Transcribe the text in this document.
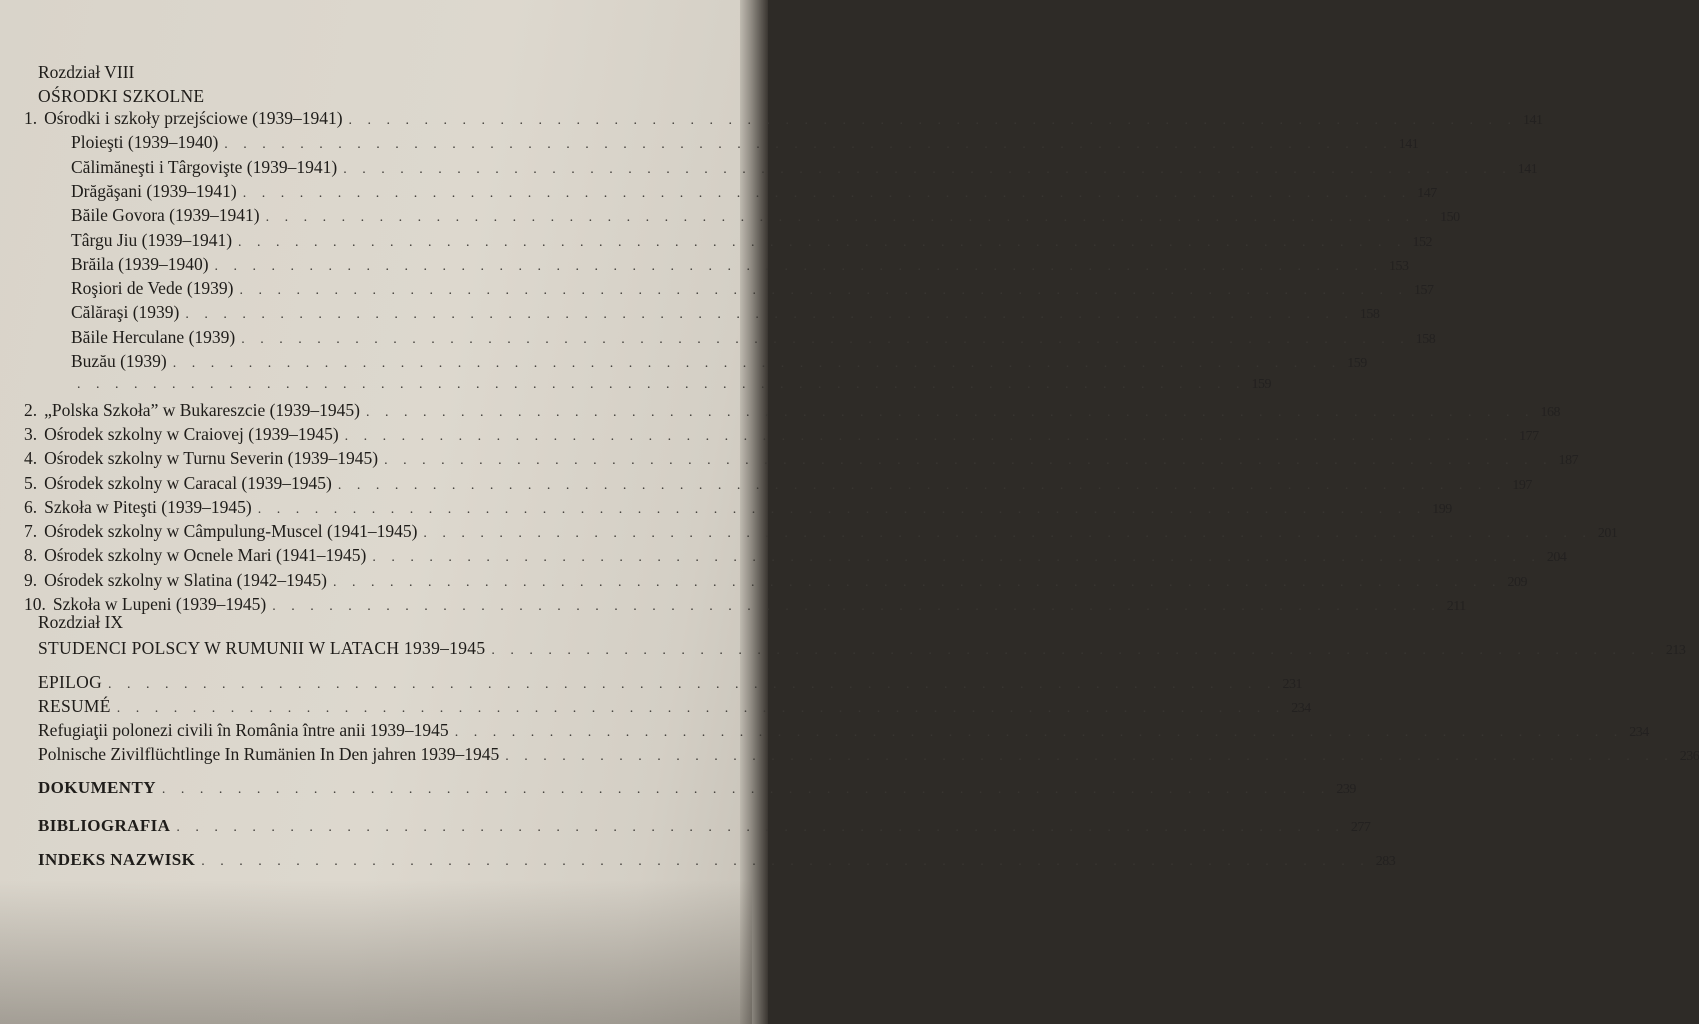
Rozdział VIII
OŚRODKI SZKOLNE
1. Ośrodki i szkoły przejściowe (1939–1941) . . . . . . . . . . . . . . . . . . . . . . . . . . . . . . . . . . . . . . . . . . . . . . . . . . . . . . . . . . . . . . 141
Ploieşti (1939–1940) . . . . . . . . . . . . . . . . . . . . . . . . . . . . . . . . . . . . . . . . . . . . . . . . . . . . . . . . . . . . . . 141
Călimăneşti i Târgovişte (1939–1941) . . . . . . . . . . . . . . . . . . . . . . . . . . . . . . . . . . . . . . . . . . . . . . . . . . . . . . . . . . . . . . 141
Drăgăşani (1939–1941) . . . . . . . . . . . . . . . . . . . . . . . . . . . . . . . . . . . . . . . . . . . . . . . . . . . . . . . . . . . . . . 147
Băile Govora (1939–1941) . . . . . . . . . . . . . . . . . . . . . . . . . . . . . . . . . . . . . . . . . . . . . . . . . . . . . . . . . . . . . . 150
Târgu Jiu (1939–1941) . . . . . . . . . . . . . . . . . . . . . . . . . . . . . . . . . . . . . . . . . . . . . . . . . . . . . . . . . . . . . . 152
Brăila (1939–1940) . . . . . . . . . . . . . . . . . . . . . . . . . . . . . . . . . . . . . . . . . . . . . . . . . . . . . . . . . . . . . . 153
Roşiori de Vede (1939) . . . . . . . . . . . . . . . . . . . . . . . . . . . . . . . . . . . . . . . . . . . . . . . . . . . . . . . . . . . . . . 157
Călăraşi (1939) . . . . . . . . . . . . . . . . . . . . . . . . . . . . . . . . . . . . . . . . . . . . . . . . . . . . . . . . . . . . . . 158
Băile Herculane (1939) . . . . . . . . . . . . . . . . . . . . . . . . . . . . . . . . . . . . . . . . . . . . . . . . . . . . . . . . . . . . . . 158
Buzău (1939) . . . . . . . . . . . . . . . . . . . . . . . . . . . . . . . . . . . . . . . . . . . . . . . . . . . . . . . . . . . . . . 159
. . . . . . . . . . . . . . . . . . . . . . . . . . . . . . . . . . . . . . . . . . . . . . . . . . . . . . . . . . . . . . 159
2. „Polska Szkoła” w Bukareszcie (1939–1945) . . . . . . . . . . . . . . . . . . . . . . . . . . . . . . . . . . . . . . . . . . . . . . . . . . . . . . . . . . . . . . 168
3. Ośrodek szkolny w Craiovej (1939–1945) . . . . . . . . . . . . . . . . . . . . . . . . . . . . . . . . . . . . . . . . . . . . . . . . . . . . . . . . . . . . . . 177
4. Ośrodek szkolny w Turnu Severin (1939–1945) . . . . . . . . . . . . . . . . . . . . . . . . . . . . . . . . . . . . . . . . . . . . . . . . . . . . . . . . . . . . . . 187
5. Ośrodek szkolny w Caracal (1939–1945) . . . . . . . . . . . . . . . . . . . . . . . . . . . . . . . . . . . . . . . . . . . . . . . . . . . . . . . . . . . . . . 197
6. Szkoła w Piteşti (1939–1945) . . . . . . . . . . . . . . . . . . . . . . . . . . . . . . . . . . . . . . . . . . . . . . . . . . . . . . . . . . . . . . 199
7. Ośrodek szkolny w Câmpulung-Muscel (1941–1945) . . . . . . . . . . . . . . . . . . . . . . . . . . . . . . . . . . . . . . . . . . . . . . . . . . . . . . . . . . . . . . 201
8. Ośrodek szkolny w Ocnele Mari (1941–1945) . . . . . . . . . . . . . . . . . . . . . . . . . . . . . . . . . . . . . . . . . . . . . . . . . . . . . . . . . . . . . . 204
9. Ośrodek szkolny w Slatina (1942–1945) . . . . . . . . . . . . . . . . . . . . . . . . . . . . . . . . . . . . . . . . . . . . . . . . . . . . . . . . . . . . . . 209
10. Szkoła w Lupeni (1939–1945) . . . . . . . . . . . . . . . . . . . . . . . . . . . . . . . . . . . . . . . . . . . . . . . . . . . . . . . . . . . . . . 211
Rozdział IX
STUDENCI POLSCY W RUMUNII W LATACH 1939–1945 . . . . . . . . . . . . . . . . . . . . . . . . . . . . . . . . . . . . . . . . . . . . . . . . . . . . . . . . . . . . . . 213
EPILOG . . . . . . . . . . . . . . . . . . . . . . . . . . . . . . . . . . . . . . . . . . . . . . . . . . . . . . . . . . . . . . 231
RESUMÉ . . . . . . . . . . . . . . . . . . . . . . . . . . . . . . . . . . . . . . . . . . . . . . . . . . . . . . . . . . . . . . 234
Refugiaţii polonezi civili în România între anii 1939–1945 . . . . . . . . . . . . . . . . . . . . . . . . . . . . . . . . . . . . . . . . . . . . . . . . . . . . . . . . . . . . . . 234
Polnische Zivilflüchtlinge In Rumänien In Den jahren 1939–1945 . . . . . . . . . . . . . . . . . . . . . . . . . . . . . . . . . . . . . . . . . . . . . . . . . . . . . . . . . . . . . . 236
DOKUMENTY . . . . . . . . . . . . . . . . . . . . . . . . . . . . . . . . . . . . . . . . . . . . . . . . . . . . . . . . . . . . . . 239
BIBLIOGRAFIA . . . . . . . . . . . . . . . . . . . . . . . . . . . . . . . . . . . . . . . . . . . . . . . . . . . . . . . . . . . . . . 277
INDEKS NAZWISK . . . . . . . . . . . . . . . . . . . . . . . . . . . . . . . . . . . . . . . . . . . . . . . . . . . . . . . . . . . . . . 283
